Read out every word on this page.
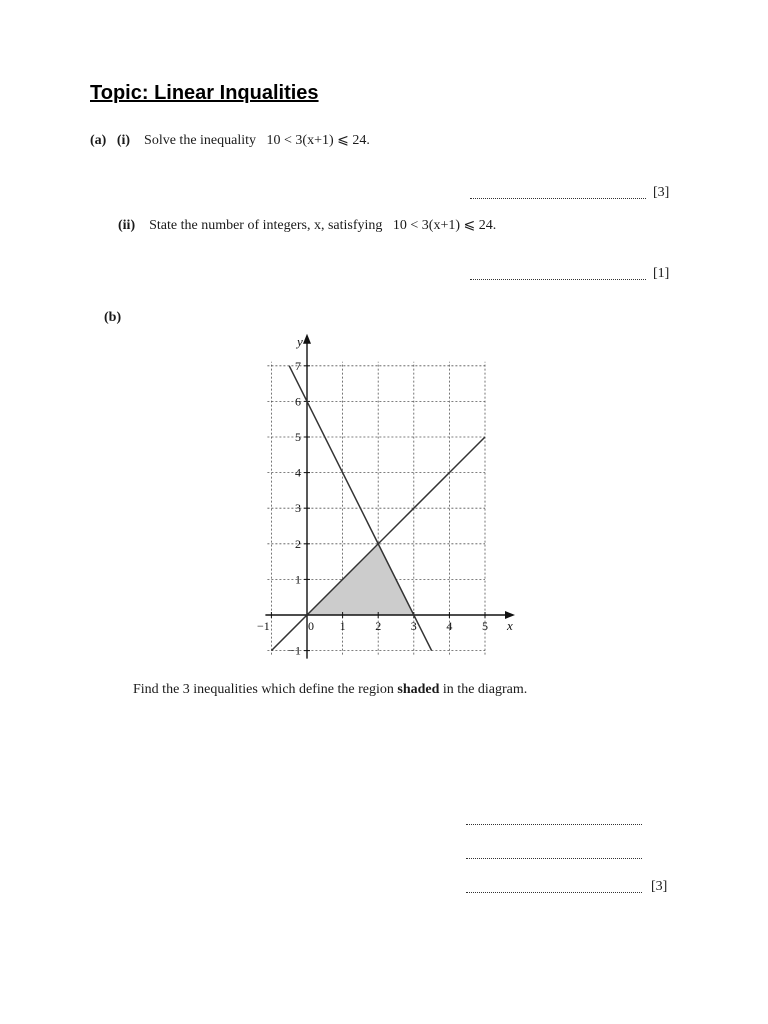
Topic: Linear Inqualities
(a) (i) Solve the inequality 10 < 3(x+1) ⩽ 24.
[3]
(ii) State the number of integers, x, satisfying 10 < 3(x+1) ⩽ 24.
[1]
(b)
−1	0 1 2 3 4 5
−1
1
2
3
4
5
6
7
x
y
Find the 3 inequalities which define the region shaded in the diagram.
[3]
